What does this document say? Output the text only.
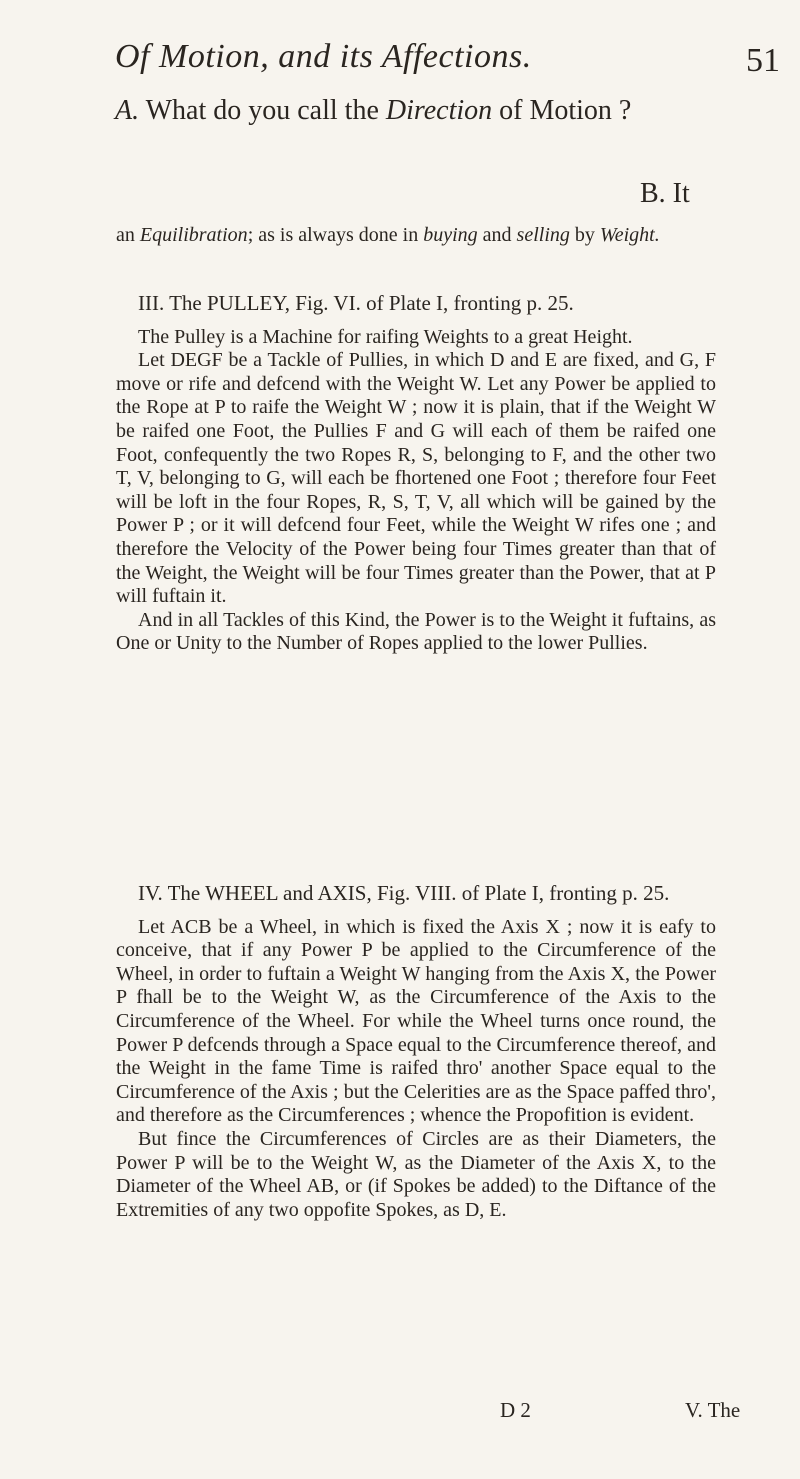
Of Motion, and its Affections.	51
A. What do you call the Direction of Motion ?
B. It

an Equilibration; as is always done in buying and selling by Weight.

III. The PULLEY, Fig. VI. of Plate I, fronting p. 25.

The Pulley is a Machine for raifing Weights to a great Height.

Let DEGF be a Tackle of Pullies, in which D and E are fixed, and G, F move or rife and defcend with the Weight W. Let any Power be applied to the Rope at P to raife the Weight W ; now it is plain, that if the Weight W be raifed one Foot, the Pullies F and G will each of them be raifed one Foot, confequently the two Ropes R, S, belonging to F, and the other two T, V, belonging to G, will each be fhortened one Foot ; therefore four Feet will be loft in the four Ropes, R, S, T, V, all which will be gained by the Power P ; or it will defcend four Feet, while the Weight W rifes one ; and therefore the Velocity of the Power being four Times greater than that of the Weight, the Weight will be four Times greater than the Power, that at P will fuftain it.

And in all Tackles of this Kind, the Power is to the Weight it fuftains, as One or Unity to the Number of Ropes applied to the lower Pullies.

IV. The WHEEL and AXIS, Fig. VIII. of Plate I, fronting p. 25.

Let ACB be a Wheel, in which is fixed the Axis X ; now it is eafy to conceive, that if any Power P be applied to the Circumference of the Wheel, in order to fuftain a Weight W hanging from the Axis X, the Power P fhall be to the Weight W, as the Circumference of the Axis to the Circumference of the Wheel. For while the Wheel turns once round, the Power P defcends through a Space equal to the Circumference thereof, and the Weight in the fame Time is raifed thro' another Space equal to the Circumference of the Axis ; but the Celerities are as the Space paffed thro', and therefore as the Circumferences ; whence the Propofition is evident.

But fince the Circumferences of Circles are as their Diameters, the Power P will be to the Weight W, as the Diameter of the Axis X, to the Diameter of the Wheel AB, or (if Spokes be added) to the Diftance of the Extremities of any two oppofite Spokes, as D, E.

D 2	V. The
